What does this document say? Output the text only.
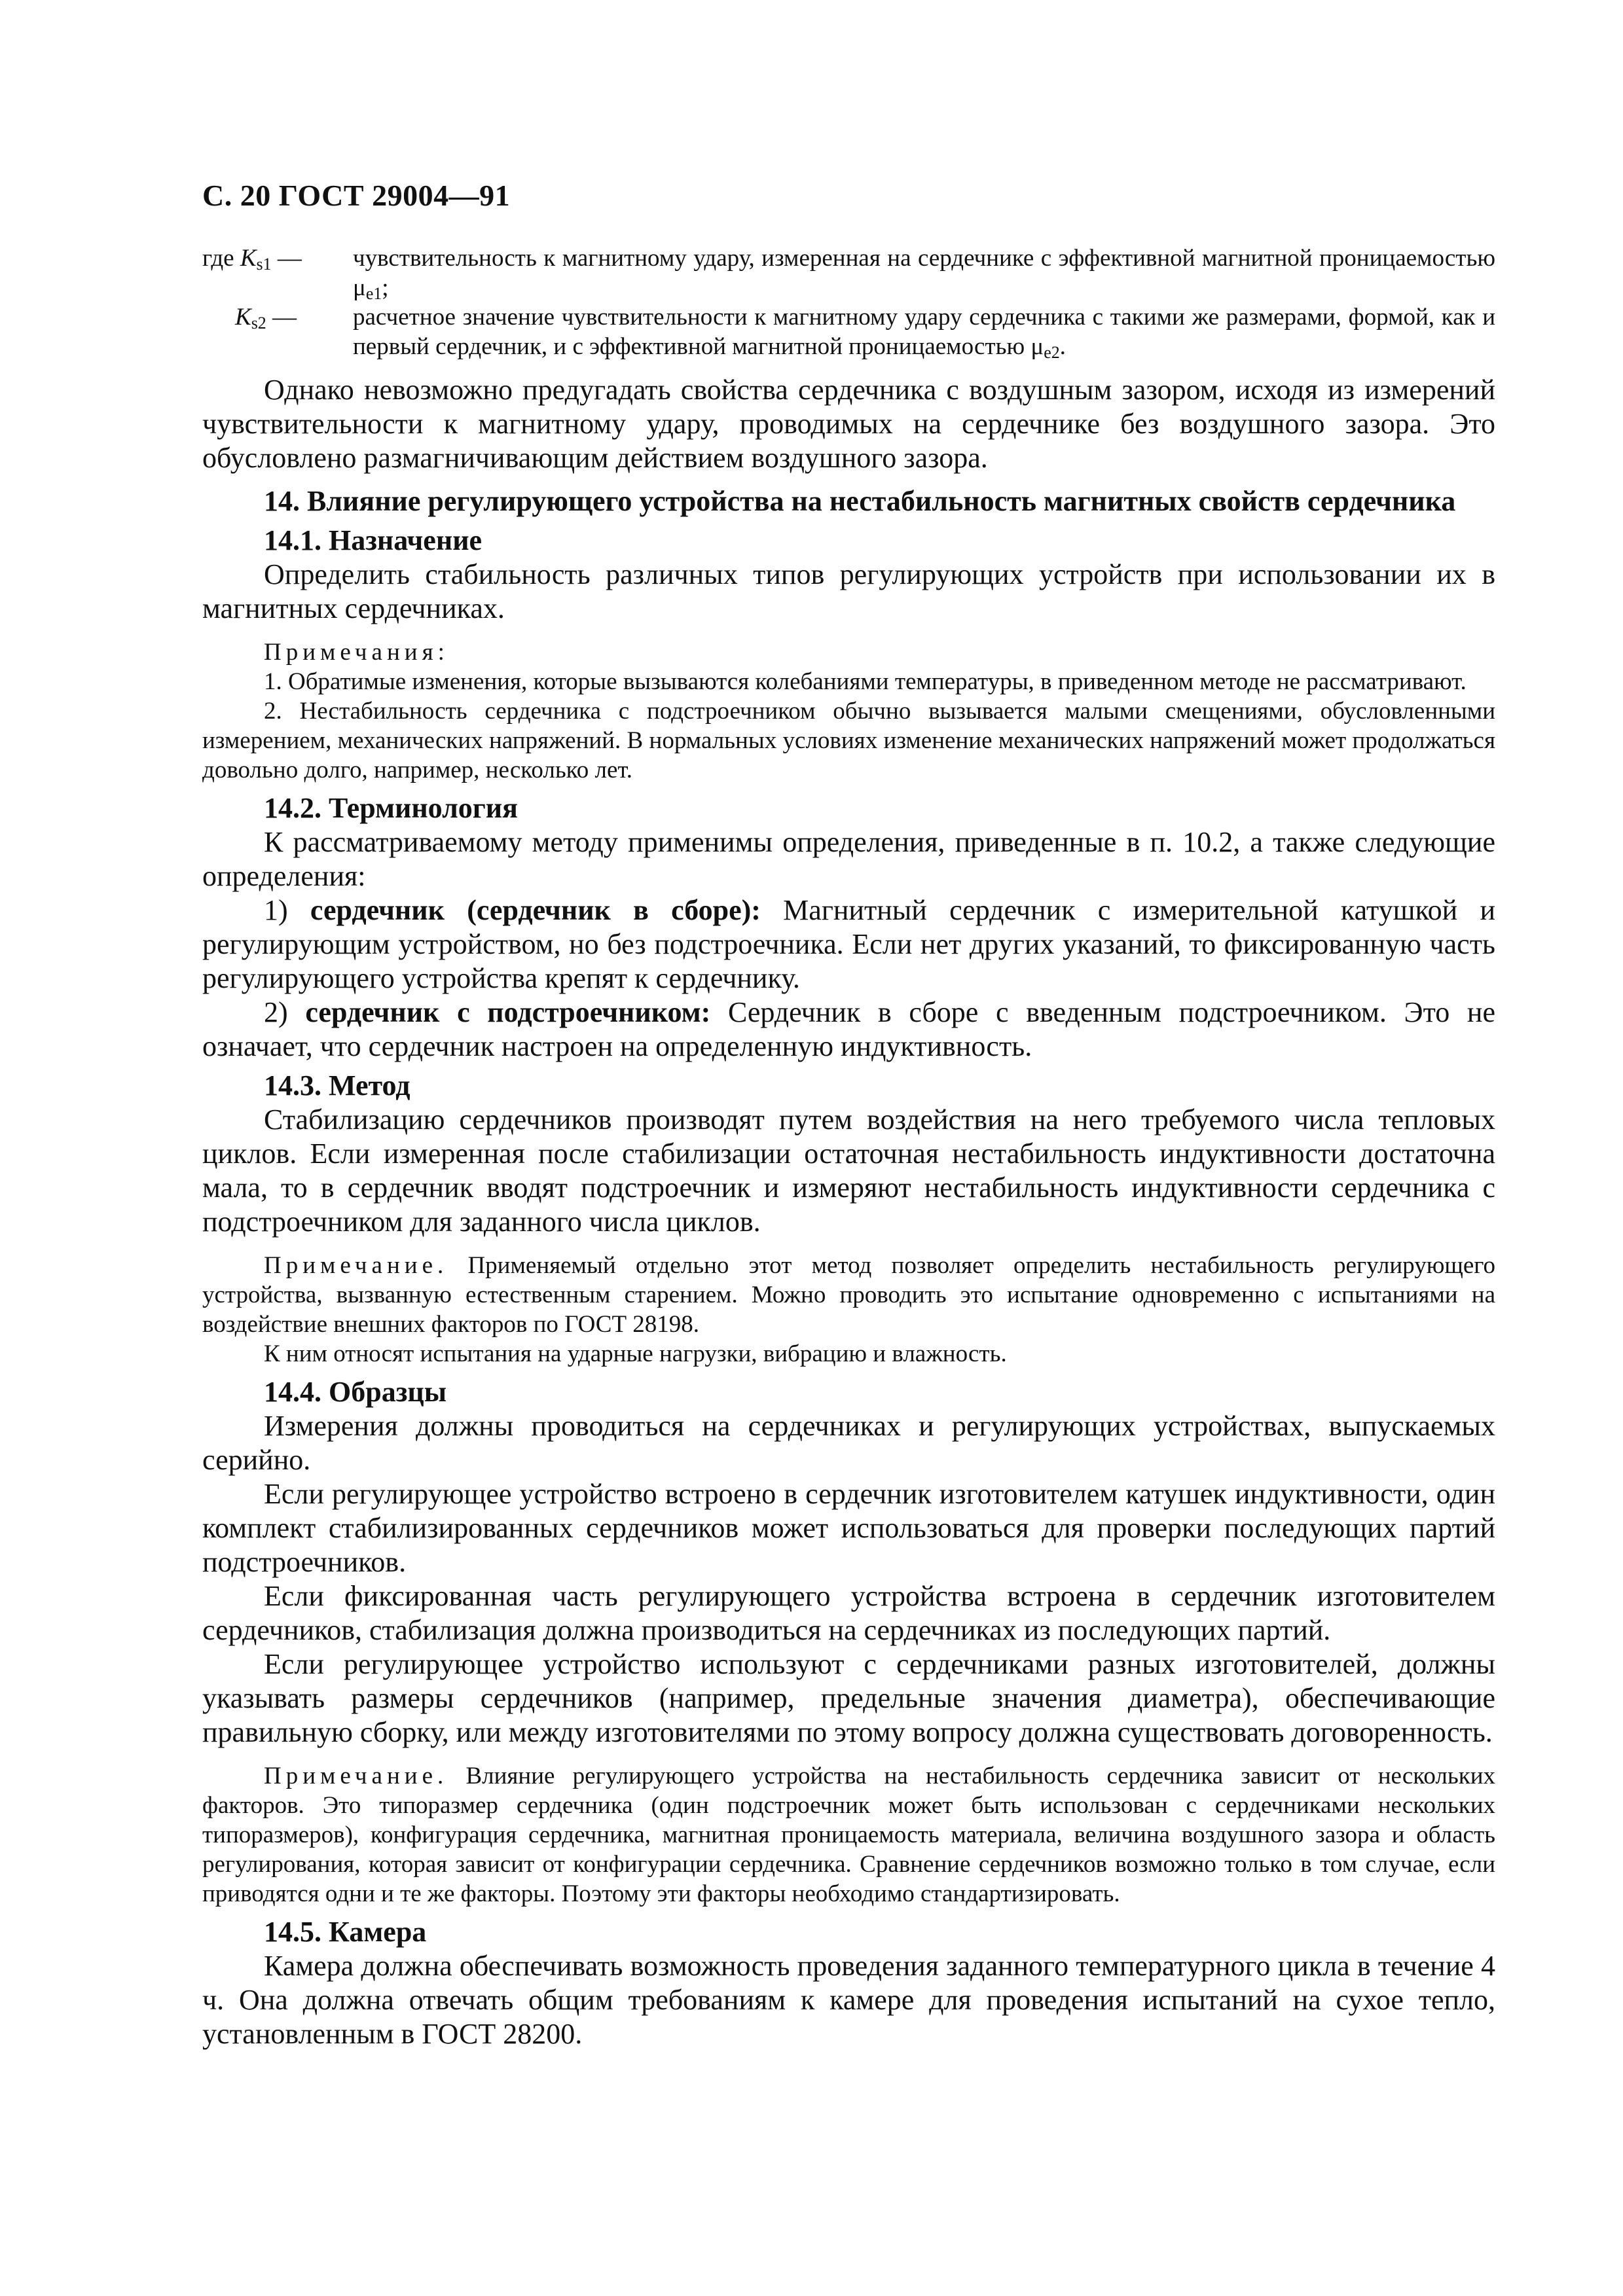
С. 20 ГОСТ 29004—91
где $K_{s1}$ —	чувствительность к магнитному удару, измеренная на сердечнике с эффективной магнитной проницаемостью $\mu_{e1}$;
$K_{s2}$ —	расчетное значение чувствительности к магнитному удару сердечника с такими же размерами, формой, как и первый сердечник, и с эффективной магнитной проницаемостью $\mu_{e2}$.

Однако невозможно предугадать свойства сердечника с воздушным зазором, исходя из измерений чувствительности к магнитному удару, проводимых на сердечнике без воздушного зазора. Это обусловлено размагничивающим действием воздушного зазора.

14. Влияние регулирующего устройства на нестабильность магнитных свойств сердечника

14.1. Назначение

Определить стабильность различных типов регулирующих устройств при использовании их в магнитных сердечниках.

Примечания:

1. Обратимые изменения, которые вызываются колебаниями температуры, в приведенном методе не рассматривают.

2. Нестабильность сердечника с подстроечником обычно вызывается малыми смещениями, обусловленными измерением, механических напряжений. В нормальных условиях изменение механических напряжений может продолжаться довольно долго, например, несколько лет.

14.2. Терминология

К рассматриваемому методу применимы определения, приведенные в п. 10.2, а также следующие определения:

1) сердечник (сердечник в сборе): Магнитный сердечник с измерительной катушкой и регулирующим устройством, но без подстроечника. Если нет других указаний, то фиксированную часть регулирующего устройства крепят к сердечнику.

2) сердечник с подстроечником: Сердечник в сборе с введенным подстроечником. Это не означает, что сердечник настроен на определенную индуктивность.

14.3. Метод

Стабилизацию сердечников производят путем воздействия на него требуемого числа тепловых циклов. Если измеренная после стабилизации остаточная нестабильность индуктивности достаточна мала, то в сердечник вводят подстроечник и измеряют нестабильность индуктивности сердечника с подстроечником для заданного числа циклов.

Примечание. Применяемый отдельно этот метод позволяет определить нестабильность регулирующего устройства, вызванную естественным старением. Можно проводить это испытание одновременно с испытаниями на воздействие внешних факторов по ГОСТ 28198.

К ним относят испытания на ударные нагрузки, вибрацию и влажность.

14.4. Образцы

Измерения должны проводиться на сердечниках и регулирующих устройствах, выпускаемых серийно.

Если регулирующее устройство встроено в сердечник изготовителем катушек индуктивности, один комплект стабилизированных сердечников может использоваться для проверки последующих партий подстроечников.

Если фиксированная часть регулирующего устройства встроена в сердечник изготовителем сердечников, стабилизация должна производиться на сердечниках из последующих партий.

Если регулирующее устройство используют с сердечниками разных изготовителей, должны указывать размеры сердечников (например, предельные значения диаметра), обеспечивающие правильную сборку, или между изготовителями по этому вопросу должна существовать договоренность.

Примечание. Влияние регулирующего устройства на нестабильность сердечника зависит от нескольких факторов. Это типоразмер сердечника (один подстроечник может быть использован с сердечниками нескольких типоразмеров), конфигурация сердечника, магнитная проницаемость материала, величина воздушного зазора и область регулирования, которая зависит от конфигурации сердечника. Сравнение сердечников возможно только в том случае, если приводятся одни и те же факторы. Поэтому эти факторы необходимо стандартизировать.

14.5. Камера

Камера должна обеспечивать возможность проведения заданного температурного цикла в течение 4 ч. Она должна отвечать общим требованиям к камере для проведения испытаний на сухое тепло, установленным в ГОСТ 28200.
